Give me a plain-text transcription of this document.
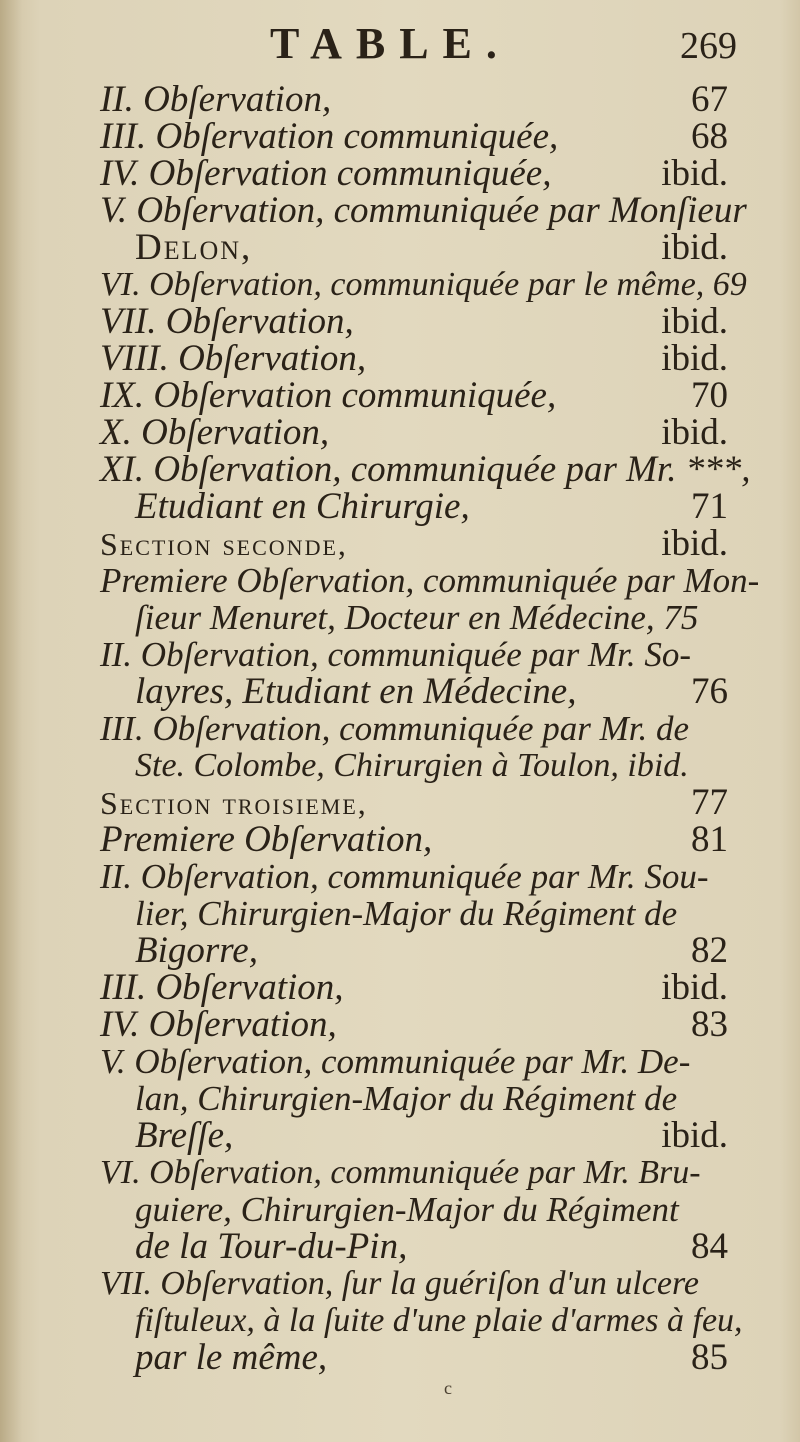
TABLE.	269
II. Obſervation,	67
III. Obſervation communiquée,	68
IV. Obſervation communiquée,	ibid.
V. Obſervation, communiquée par Monſieur
Delon,	ibid.
VI. Obſervation, communiquée par le même, 69
VII. Obſervation,	ibid.
VIII. Obſervation,	ibid.
IX. Obſervation communiquée,	70
X. Obſervation,	ibid.
XI. Obſervation, communiquée par Mr. ***,
Etudiant en Chirurgie,	71
Section seconde,	ibid.
Premiere Obſervation, communiquée par Mon-
ſieur Menuret, Docteur en Médecine, 75
II. Obſervation, communiquée par Mr. So-
layres, Etudiant en Médecine,	76
III. Obſervation, communiquée par Mr. de
Ste. Colombe, Chirurgien à Toulon, ibid.
Section troisieme,	77
Premiere Obſervation,	81
II. Obſervation, communiquée par Mr. Sou-
lier, Chirurgien-Major du Régiment de
Bigorre,	82
III. Obſervation,	ibid.
IV. Obſervation,	83
V. Obſervation, communiquée par Mr. De-
lan, Chirurgien-Major du Régiment de
Breſſe,	ibid.
VI. Obſervation, communiquée par Mr. Bru-
guiere, Chirurgien-Major du Régiment
de la Tour-du-Pin,	84
VII. Obſervation, ſur la guériſon d'un ulcere
fiſtuleux, à la ſuite d'une plaie d'armes à feu,
par le même,	85
c
